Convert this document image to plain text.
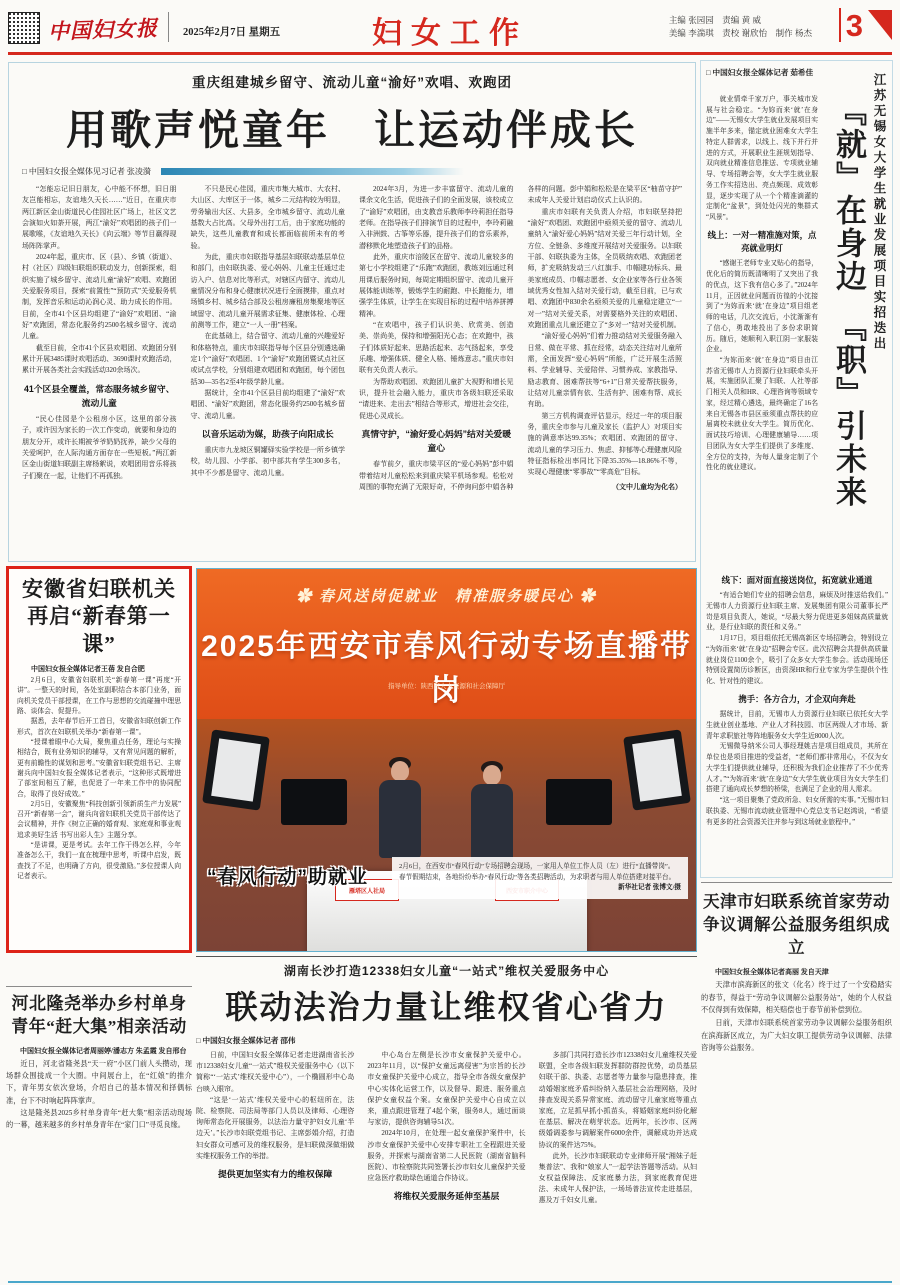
中国妇女报 2025年2月7日 星期五	妇女工作	主编 张园园　责编 黄 威
美编 李湍琪　责校 谢欣怡　制作 杨杰 3
重庆组建城乡留守、流动儿童“渝好”欢唱、欢跑团
用歌声悦童年　让运动伴成长
□ 中国妇女报全媒体见习记者 张凌漪

“怎能忘记旧日朋友，心中能不怀想，旧日朋友岂能相忘，友谊地久天长……”近日，在重庆市两江新区金山街道民心佳园社区广场上，社区文艺会演如火如荼开展，两江“渝好”欢唱团的孩子们一展歌喉，《友谊地久天长》《向云端》等节目赢得现场阵阵掌声。

2024年起，重庆市、区（县）、乡镇（街道）、村（社区）四级妇联组织联动发力，创新探索，组织实施了城乡留守、流动儿童“渝好”欢唱、欢跑团关爱服务项目，探索“前置性”“预防式”关爱服务机制，发挥音乐和运动沁润心灵、助力成长的作用。目前，全市41个区县均组建了“渝好”欢唱团、“渝好”欢跑团，常态化服务约2500名城乡留守、流动儿童。

截至目前，全市41个区县欢唱团、欢跑团分别累计开展3485课时欢唱活动、3690课时欢跑活动，累计开展各类社会实践活动320余场次。

41个区县全覆盖，常态服务城乡留守、流动儿童

“民心佳园是个公租房小区，这里的部分孩子，或许因为家长的一次工作变动，就要和身边的朋友分开，或许长期被爷爷奶奶抚养，缺少父母的关爱呵护，在人际沟通方面存在一些短板。”两江新区金山街道妇联副主席杨絮说，欢唱团用音乐将孩子们聚在一起，让他们不再孤独。

不只是民心佳园，重庆市集大城市、大农村、大山区、大库区于一体，城乡二元结构较为明显，劳务输出大区、大县多，全市城乡留守、流动儿童基数大占比高。父母外出打工后，由于家庭功能的缺失，这些儿童教育和成长都面临前所未有的考验。

为此，重庆市妇联指导基层妇联联动基层单位和部门，由妇联执委、爱心妈妈、儿童主任通过走访入户、信息对比等形式，对辖区内留守、流动儿童情况分布和身心健康状况进行全面摸排，重点对场镇乡村、城乡结合部及公租房廉租房集聚地等区域留守、流动儿童开展需求征集、健康体检、心理前测等工作，建立“一人一册”档案。

在此基础上，结合留守、流动儿童的兴趣爱好和体格特点，重庆市妇联指导每个区县分别遴选确定1个“渝好”欢唱团、1个“渝好”欢跑团暨试点社区或试点学校，分别组建欢唱团和欢跑团，每个团包括30—35名2至4年级学龄儿童。

据统计，全市41个区县目前均组建了“渝好”欢唱团、“渝好”欢跑团，常态化服务约2500名城乡留守、流动儿童。

以音乐运动为媒，助孩子向阳成长

重庆市九龙坡区铜罐驿实验学校是一所乡镇学校，幼儿园、小学部、初中部共有学生300多名，其中不少都是留守、流动儿童。

2024年3月，为进一步丰富留守、流动儿童的课余文化生活，促进孩子们的全面发展，该校成立了“渝好”欢唱团，由支教音乐教师李玲莉担任指导老师。在指导孩子们排演节目的过程中，李玲莉融入非洲鼓、古筝等乐器，提升孩子们的音乐素养，潜移默化地塑造孩子们的品格。

此外，重庆市涪陵区在留守、流动儿童较多的第七小学校组建了“乐跑”欢跑团，教练刘远通过利用课后服务时间，每周定期组织留守、流动儿童开展体能训练等，锻炼学生的耐跑、中长跑能力，增强学生体质，让学生在实现目标的过程中培养拼搏精神。

“在欢唱中，孩子们认识美、欣赏美、创造美、崇尚美，保持和增强阳光心态；在欢跑中，孩子们体质好起来、思路活起来、志气扬起来，享受乐趣、增强体质、健全人格、锤炼意志。”重庆市妇联有关负责人表示。

为帮助欢唱团、欢跑团儿童扩大视野和增长见识，提升社会融入能力，重庆市各级妇联还采取“请进来、走出去”相结合等形式，增进社会交往，促进心灵成长。

真情守护，“渝好爱心妈妈”结对关爱暖童心

春节前夕，重庆市梁平区的“爱心妈妈”彭中娟带着结对儿童松松来到重庆梁平机场参观。松松对周围的事物充满了无限好奇，不停询问彭中娟各种各样的问题。彭中娟和松松是在梁平区“柚苗守护”未成年人关爱计划启动仪式上认识的。

重庆市妇联有关负责人介绍，市妇联坚持把“渝好”欢唱团、欢跑团中亟须关爱的留守、流动儿童纳入“渝好爱心妈妈”结对关爱三年行动计划，全方位、全链条、多维度开展结对关爱服务。以妇联干部、妇联执委为主体，全员吸纳欢唱、欢跑团老师，扩充吸纳发动三八红旗手、巾帼建功标兵、最美家庭成员、巾帼志愿者、女企业家等各行业各领域优秀女性加入结对关爱行动，截至目前，已与欢唱、欢跑团中830余名亟须关爱的儿童稳定建立“一对一”结对关爱关系，对需要格外关注的欢唱团、欢跑团重点儿童还建立了“多对一”结对关爱机制。

“渝好爱心妈妈”们着力推动结对关爱服务融入日常、做在平常、抓在经常，动态关注结对儿童所需，全面发挥“爱心妈妈”所能，广泛开展生活照料、学业辅导、关爱陪伴、习惯养成、家教指导、励志教育、困难帮扶等“6+1”日常关爱帮扶服务，让结对儿童亲情有依、生活有护、困难有帮、成长有助。

第三方机构调查评估显示，经过一年的项目服务，重庆全市参与儿童及家长（监护人）对项目实施的满意率达99.35%；欢唱团、欢跑团的留守、流动儿童的学习压力、焦虑、抑郁等心理健康风险特征指标检出率同比下降35.35%—18.86%不等，实现心理健康“零事故”“零高危”目标。

（文中儿童均为化名）

□ 中国妇女报全媒体记者 茹希佳

就业情牵千家万户，事关城市发展与社会稳定。“为妳而来‘就’在身边”——无锡女大学生就业发展项目实施半年多来，锚定就业困难女大学生特定人群需求，以线上、线下并行并进的方式，开展职业生涯规划指导、双向就业精准信息推送、专项就业辅导、专场招聘会等，女大学生就业服务工作实招迭出、亮点频现、成效彰显，逐步实现了从一个个精准滴灌的定制化“盆景”，到处处闪光的集群式“风景”。

线上：一对一精准施对策，点亮就业明灯

“感谢王老师专业又贴心的指导，优化后的简历既清晰明了又突出了我的优点，这下我有信心多了。”2024年11月，正因就业问题而彷徨的小沈接到了“为妳而来‘就’在身边”项目组老师的电话，几次交流后，小沈渐渐有了信心，勇敢地投出了多份求职简历。随后，她顺利入职江阴一家服装企业。

“为妳而来‘就’在身边”项目由江苏省无锡市人力资源行业妇联牵头开展，实施团队汇聚了妇联、人社等部门相关人员和HR、心理咨询等领域专家，经过精心遴选，最终确定了16名来自无锡各市县区亟须重点帮扶的应届离校未就业女大学生。简历优化、面试技巧培训、心理健康辅导……项目团队为女大学生们提供了多维度、全方位的支持，为每人量身定制了个性化的就业建议。	『就』在身边　『职』引未来 江苏无锡女大学生就业发展项目实招迭出
线下：面对面直接送岗位，拓宽就业通道

“有适合她们专业的招聘会信息，麻烦及时推送给我们。”无锡市人力资源行业妇联主席、发展集团有限公司董事长严岢是项目负责人，她说，“尽最大努力促进更多姐妹高质量就业，是行业妇联的责任和义务。”

1月17日，项目组依托无锡高新区专场招聘会，特别设立“为妳而来‘就’在身边”招聘会专区。此次招聘会共提供高质量就业岗位1100余个，吸引了众多女大学生参会。活动现场还特别设置简历诊断区，由资深HR和行业专家为学生提供个性化、针对性的建议。

携手：各方合力，才企双向奔赴

据统计，目前，无锡市人力资源行业妇联已依托女大学生就业创业基地、产业人才科技园、市区两级人才市场、新青年求职旅社等阵地服务女大学生近8000人次。

无锡微导纳米公司人事经理姚吉是项目组成员，其所在单位也是项目推进的受益者，“老师们都非常用心，不仅为女大学生们提供就业辅导，还积极为我们企业推荐了不少优秀人才。”“为妳而来‘就’在身边”女大学生就业项目为女大学生们搭建了通向成长梦想的桥梁，也满足了企业的用人需求。

“这一项目聚集了党政所急、妇女所需的实事。”无锡市妇联执委、无锡市流动就业管理中心党总支书记赵鸿说，“希望有更多的社会资源关注并参与到这场就业旅程中。”

安徽省妇联机关再启“新春第一课”
中国妇女报全媒体记者王蓓 发自合肥

2月6日，安徽省妇联机关“新春第一课”再度“开讲”。一整天的时间，各处室副职结合本部门业务，面向机关党员干部授课，在工作与思想的交流碰撞中理思路、谈体会、促提升。

据悉，去年春节后开工首日，安徽省妇联创新工作形式，首次在妇联机关举办“新春第一课”。

“授课着眼中心大局，聚焦重点任务，理论与实操相结合，既有业务知识的辅导，又有常见问题的解析，更有前瞻性的谋划和思考。”安徽省妇联党组书记、主席谢兵向中国妇女报全媒体记者表示，“这种形式既增进了部室间相互了解，也促进了一年来工作中的协同配合，取得了良好成效。”

2月5日，安徽聚焦“科技创新引领新质生产力发展”召开“新春第一会”，谢兵向省妇联机关党员干部传达了会议精神，并作《树立正确的婚育观、家庭观和事业观 追求美好生活 书写出彩人生》主题分享。

“是讲课，更是考试。去年工作干得怎么样，今年准备怎么干，我们一直在梳理中思考，听课中启发，既查找了不足，也明确了方向，很受激励。”多位授课人向记者表示。

✿ 春风送岗促就业　精准服务暖民心 ✿
2025年西安市春风行动专场直播带岗
指导单位：陕西省人力资源和社会保障厅
雁塔区人社局
“春风行动”助就业
2月6日，在西安市“春风行动”专场招聘会现场，一家用人单位工作人员（左）进行“直播带岗”。春节假期结束，各地纷纷举办“春风行动”等各类招聘活动，为求职者与用人单位搭建对接平台。
新华社记者 张博文/摄
湖南长沙打造12338妇女儿童“一站式”维权关爱服务中心
联动法治力量让维权省心省力
□ 中国妇女报全媒体记者 邵伟

日前，中国妇女报全媒体记者走进湖南省长沙市12338妇女儿童“一站式”维权关爱服务中心（以下简称“‘一站式’维权关爱中心”），一个椭圆形中心岛台映入眼帘。

“这是‘一站式’维权关爱中心的枢纽所在，法院、检察院、司法局等部门人员以及律师、心理咨询师常态化开展服务，以法治力量守护妇女儿童‘半边天’。”长沙市妇联党组书记、主席彭娟介绍，打造妇女群众可感可及的维权服务，是妇联做深做细做实维权服务工作的举措。

提供更加坚实有力的维权保障

中心岛台左侧是长沙市女童保护关爱中心。2023年11月，以“保护女童远离侵害”为宗旨的长沙市女童保护关爱中心成立，指导全市各级女童保护中心实体化运营工作，以及督导、跟进、服务重点保护女童权益个案。女童保护关爱中心自成立以来，重点跟进管理了4起个案，服务8人，通过面谈与家访，提供咨询辅导51次。

2024年10月，在处理一起女童保护案件中，长沙市女童保护关爱中心安排专职社工全程跟进关爱服务，并探索与湖南省第二人民医院（湖南省脑科医院）、市检察院共同签署长沙市妇女儿童保护关爱应急医疗救助绿色通道合作协议。

将维权关爱服务延伸至基层

多部门共同打造长沙市12338妇女儿童维权关爱联盟，全市各级妇联发挥群防群控优势，动员基层妇联干部、执委、志愿者等力量参与隐患排查，推动婚姻家庭矛盾纠纷纳入基层社会治理网格，及时排查发现关系异常家庭、流动留守儿童家庭等重点家庭，立足抓早抓小抓苗头，将婚姻家庭纠纷化解在基层、解决在萌芽状态。近两年，长沙市、区两级婚调委参与调解案件6000余件，调解成功并达成协议的案件达75%。

此外，长沙市妇联联动专业律师开展“湘妹子赶集普法”、我和“娘家人”一起学法答题等活动。从妇女权益保障法、反家庭暴力法，到家庭教育促进法、未成年人保护法，一场场普法宣传走进基层，惠及万千妇女儿童。

河北隆尧举办乡村单身青年“赶大集”相亲活动
中国妇女报全媒体记者周丽婷/潘志方 朱孟霞 发自邢台

近日，河北省隆尧县“天一府”小区门前人头攒动，现场群众围拢成一个大圈。中间展台上，在“红娘”的推介下，青年男女依次登场，介绍自己的基本情况和择偶标准，台下不时响起阵阵掌声。

这是隆尧县2025乡村单身青年“赶大集”相亲活动现场的一幕，越来越多的乡村单身青年在“家门口”寻觅良缘。

天津市妇联系统首家劳动争议调解公益服务组织成立
中国妇女报全媒体记者高丽 发自天津

天津市滨海新区的张文（化名）终于过了一个安稳踏实的春节，得益于“劳动争议调解公益服务站”，她的个人权益不仅得到有效保障，相关赔偿也于春节前补偿到位。

日前，天津市妇联系统首家劳动争议调解公益服务组织在滨海新区成立，为广大妇女职工提供劳动争议调解、法律咨询等公益服务。
